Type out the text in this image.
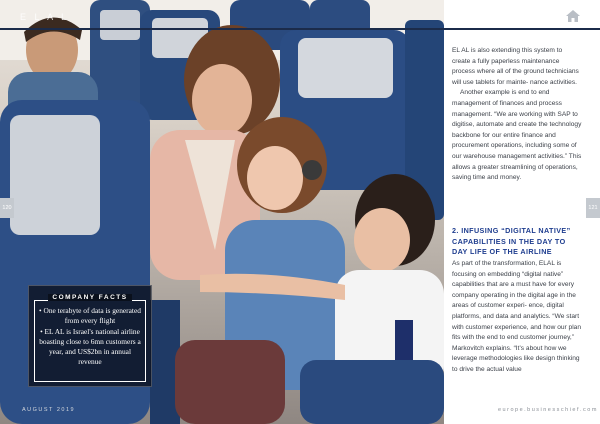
E L A L
COMPANY FACTS
• One terabyte of data is generated from every flight
• EL AL is Israel's national airline boasting close to 6mn customers a year, and US$2bn in annual revenue
120	121
AUGUST 2019	europe.businesschief.com

EL AL is also extending this system to create a fully paperless maintenance process where all of the ground technicians will use tablets for mainte- nance activities.

Another example is end to end management of finances and process management. “We are working with SAP to digitise, automate and create the technology backbone for our entire finance and procurement operations, including some of our warehouse management activities.” This allows a greater streamlining of operations, saving time and money.

2. INFUSING “DIGITAL NATIVE” CAPABILITIES IN THE DAY TO DAY LIFE OF THE AIRLINE

As part of the transformation, ELAL is focusing on embedding “digital native” capabilities that are a must have for every company operating in the digital age in the areas of customer experi- ence, digital platforms, and data and analytics. “We start with customer experience, and how our plan fits with the end to end customer journey,” Markovitch explains. “It’s about how we leverage methodologies like design thinking to drive the actual value
